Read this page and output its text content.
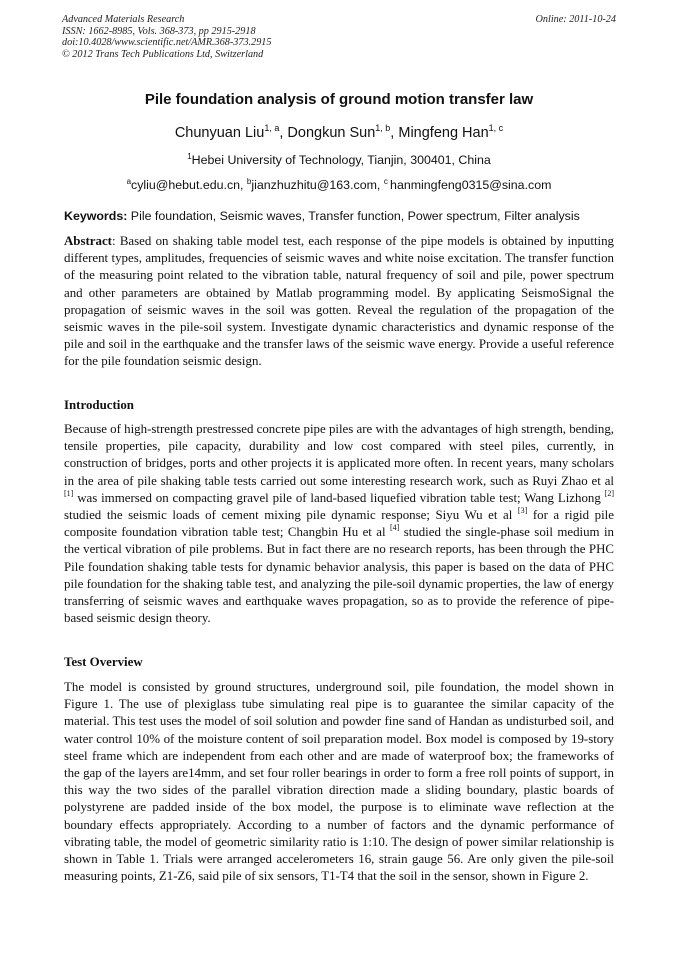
Advanced Materials Research
ISSN: 1662-8985, Vols. 368-373, pp 2915-2918
doi:10.4028/www.scientific.net/AMR.368-373.2915
© 2012 Trans Tech Publications Ltd, Switzerland
Online: 2011-10-24
Pile foundation analysis of ground motion transfer law
Chunyuan Liu$^{1, a}$, Dongkun Sun$^{1, b}$, Mingfeng Han$^{1, c}$
$^1$Hebei University of Technology, Tianjin, 300401, China
$^a$cyliu@hebut.edu.cn, $^b$jianzhuzhitu@163.com, $^c$ hanmingfeng0315@sina.com
Keywords: Pile foundation, Seismic waves, Transfer function, Power spectrum, Filter analysis
Abstract: Based on shaking table model test, each response of the pipe models is obtained by inputting different types, amplitudes, frequencies of seismic waves and white noise excitation. The transfer function of the measuring point related to the vibration table, natural frequency of soil and pile, power spectrum and other parameters are obtained by Matlab programming model. By applicating SeismoSignal the propagation of seismic waves in the soil was gotten. Reveal the regulation of the propagation of the seismic waves in the pile-soil system. Investigate dynamic characteristics and dynamic response of the pile and soil in the earthquake and the transfer laws of the seismic wave energy. Provide a useful reference for the pile foundation seismic design.
Introduction
Because of high-strength prestressed concrete pipe piles are with the advantages of high strength, bending, tensile properties, pile capacity, durability and low cost compared with steel piles, currently, in construction of bridges, ports and other projects it is applicated more often. In recent years, many scholars in the area of pile shaking table tests carried out some interesting research work, such as Ruyi Zhao et al [1] was immersed on compacting gravel pile of land-based liquefied vibration table test; Wang Lizhong [2] studied the seismic loads of cement mixing pile dynamic response; Siyu Wu et al [3] for a rigid pile composite foundation vibration table test; Changbin Hu et al [4] studied the single-phase soil medium in the vertical vibration of pile problems. But in fact there are no research reports, has been through the PHC Pile foundation shaking table tests for dynamic behavior analysis, this paper is based on the data of PHC pile foundation for the shaking table test, and analyzing the pile-soil dynamic properties, the law of energy transferring of seismic waves and earthquake waves propagation, so as to provide the reference of pipe-based seismic design theory.
Test Overview
The model is consisted by ground structures, underground soil, pile foundation, the model shown in Figure 1. The use of plexiglass tube simulating real pipe is to guarantee the similar capacity of the material. This test uses the model of soil solution and powder fine sand of Handan as undisturbed soil, and water control 10% of the moisture content of soil preparation model. Box model is composed by 19-story steel frame which are independent from each other and are made of waterproof box; the frameworks of the gap of the layers are14mm, and set four roller bearings in order to form a free roll points of support, in this way the two sides of the parallel vibration direction made a sliding boundary, plastic boards of polystyrene are padded inside of the box model, the purpose is to eliminate wave reflection at the boundary effects appropriately. According to a number of factors and the dynamic performance of vibrating table, the model of geometric similarity ratio is 1:10. The design of power similar relationship is shown in Table 1. Trials were arranged accelerometers 16, strain gauge 56. Are only given the pile-soil measuring points, Z1-Z6, said pile of six sensors, T1-T4 that the soil in the sensor, shown in Figure 2.
